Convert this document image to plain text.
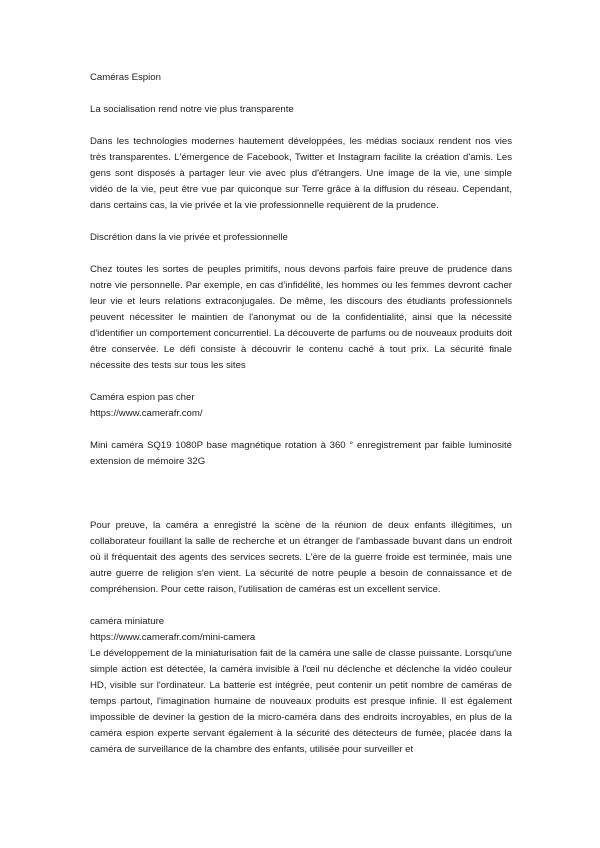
Caméras Espion

La socialisation rend notre vie plus transparente

Dans les technologies modernes hautement développées, les médias sociaux rendent nos vies très transparentes. L'émergence de Facebook, Twitter et Instagram facilite la création d'amis. Les gens sont disposés à partager leur vie avec plus d'étrangers. Une image de la vie, une simple vidéo de la vie, peut être vue par quiconque sur Terre grâce à la diffusion du réseau. Cependant, dans certains cas, la vie privée et la vie professionnelle requièrent de la prudence.

Discrétion dans la vie privée et professionnelle

Chez toutes les sortes de peuples primitifs, nous devons parfois faire preuve de prudence dans notre vie personnelle. Par exemple, en cas d’infidélité, les hommes ou les femmes devront cacher leur vie et leurs relations extraconjugales. De même, les discours des étudiants professionnels peuvent nécessiter le maintien de l'anonymat ou de la confidentialité, ainsi que la nécessité d'identifier un comportement concurrentiel. La découverte de parfums ou de nouveaux produits doit être conservée. Le défi consiste à découvrir le contenu caché à tout prix. La sécurité finale nécessite des tests sur tous les sites

Caméra espion pas cher

https://www.camerafr.com/

Mini caméra SQ19 1080P base magnétique rotation à 360 ° enregistrement par faible luminosité extension de mémoire 32G

Pour preuve, la caméra a enregistré la scène de la réunion de deux enfants illégitimes, un collaborateur fouillant la salle de recherche et un étranger de l'ambassade buvant dans un endroit où il fréquentait des agents des services secrets. L'ère de la guerre froide est terminée, mais une autre guerre de religion s'en vient. La sécurité de notre peuple a besoin de connaissance et de compréhension. Pour cette raison, l'utilisation de caméras est un excellent service.

caméra miniature

https://www.camerafr.com/mini-camera

Le développement de la miniaturisation fait de la caméra une salle de classe puissante. Lorsqu'une simple action est détectée, la caméra invisible à l'œil nu déclenche et déclenche la vidéo couleur HD, visible sur l'ordinateur. La batterie est intégrée, peut contenir un petit nombre de caméras de temps partout, l'imagination humaine de nouveaux produits est presque infinie. Il est également impossible de deviner la gestion de la micro-caméra dans des endroits incroyables, en plus de la caméra espion experte servant également à la sécurité des détecteurs de fumée, placée dans la caméra de surveillance de la chambre des enfants, utilisée pour surveiller et
